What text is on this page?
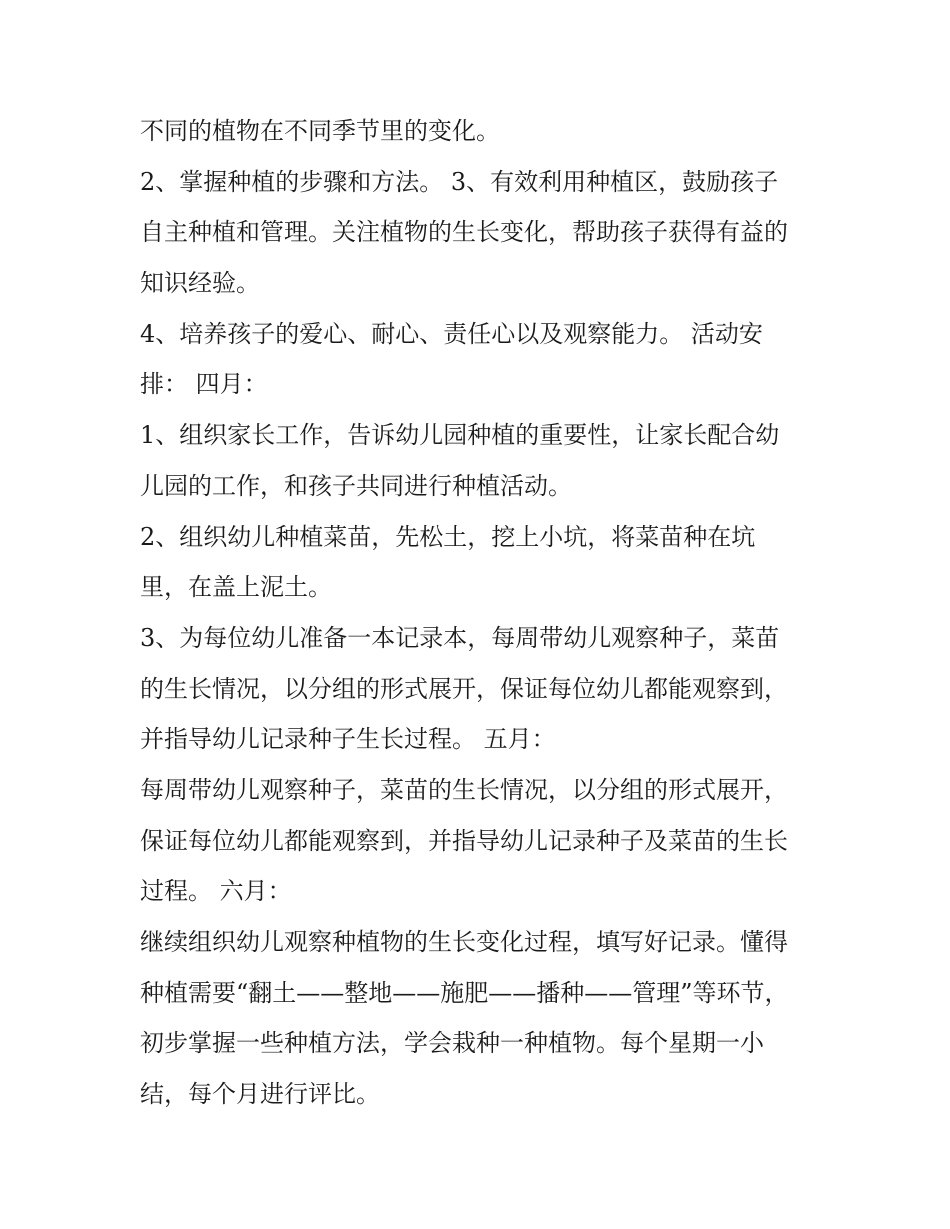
不同的植物在不同季节里的变化。
2、掌握种植的步骤和方法。 3、有效利用种植区，鼓励孩子
自主种植和管理。关注植物的生长变化，帮助孩子获得有益的
知识经验。
4、培养孩子的爱心、耐心、责任心以及观察能力。 活动安
排： 四月：
1、组织家长工作，告诉幼儿园种植的重要性，让家长配合幼
儿园的工作，和孩子共同进行种植活动。
2、组织幼儿种植菜苗，先松土，挖上小坑，将菜苗种在坑
里，在盖上泥土。
3、为每位幼儿准备一本记录本，每周带幼儿观察种子，菜苗
的生长情况，以分组的形式展开，保证每位幼儿都能观察到，
并指导幼儿记录种子生长过程。 五月：
每周带幼儿观察种子，菜苗的生长情况，以分组的形式展开，
保证每位幼儿都能观察到，并指导幼儿记录种子及菜苗的生长
过程。 六月：
继续组织幼儿观察种植物的生长变化过程，填写好记录。懂得
种植需要“翻土——整地——施肥——播种——管理”等环节，
初步掌握一些种植方法，学会栽种一种植物。每个星期一小
结，每个月进行评比。
